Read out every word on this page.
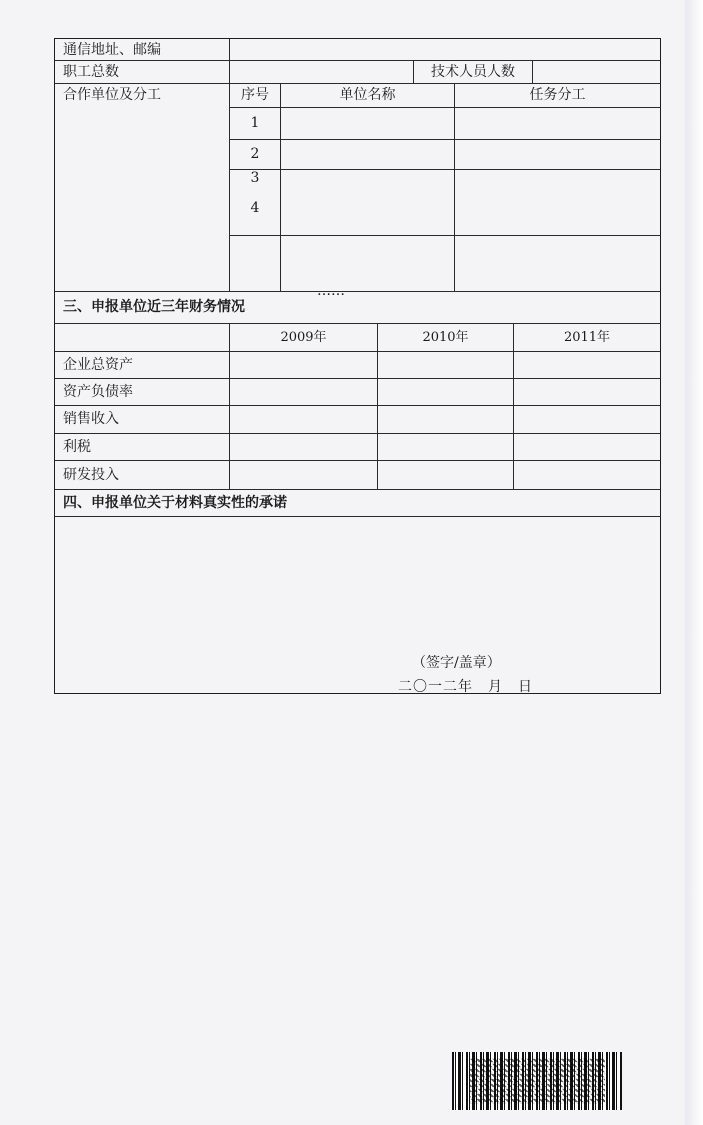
通信地址、邮编
职工总数	技术人员人数
合作单位及分工	序号	单位名称	任务分工
1
2
3
4
……
三、申报单位近三年财务情况
2009年	2010年	2011年
企业总资产
资产负债率
销售收入
利税
研发投入
四、申报单位关于材料真实性的承诺
（签字/盖章）
二〇一二年　月　日
